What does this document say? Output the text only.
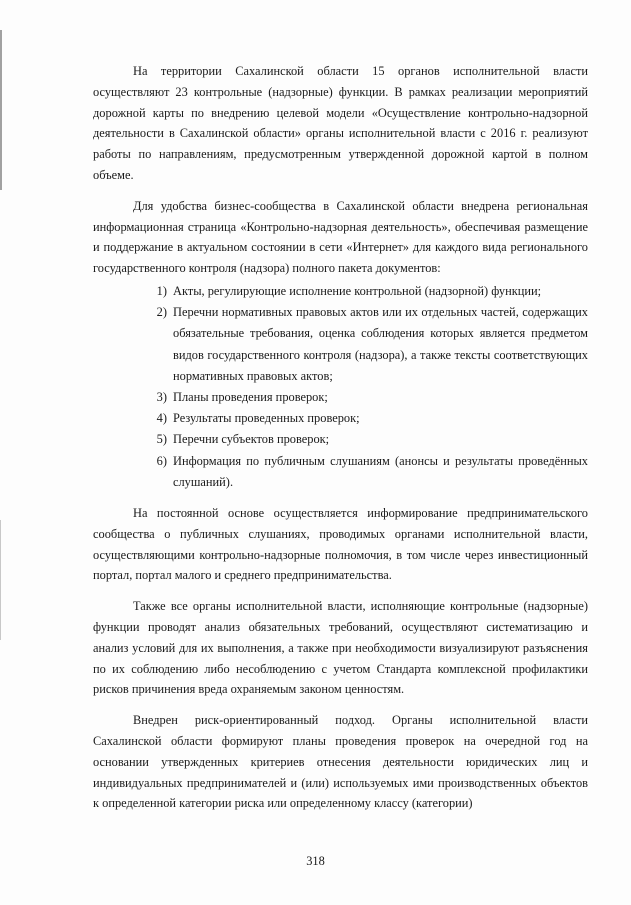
На территории Сахалинской области 15 органов исполнительной власти осуществляют 23 контрольные (надзорные) функции. В рамках реализации мероприятий дорожной карты по внедрению целевой модели «Осуществление контрольно-надзорной деятельности в Сахалинской области» органы исполнительной власти с 2016 г. реализуют работы по направлениям, предусмотренным утвержденной дорожной картой в полном объеме.

Для удобства бизнес-сообщества в Сахалинской области внедрена региональная информационная страница «Контрольно-надзорная деятельность», обеспечивая размещение и поддержание в актуальном состоянии в сети «Интернет» для каждого вида регионального государственного контроля (надзора) полного пакета документов:

1) Акты, регулирующие исполнение контрольной (надзорной) функции;
2) Перечни нормативных правовых актов или их отдельных частей, содержащих обязательные требования, оценка соблюдения которых является предметом видов государственного контроля (надзора), а также тексты соответствующих нормативных правовых актов;
3) Планы проведения проверок;
4) Результаты проведенных проверок;
5) Перечни субъектов проверок;
6) Информация по публичным слушаниям (анонсы и результаты проведённых слушаний).

На постоянной основе осуществляется информирование предпринимательского сообщества о публичных слушаниях, проводимых органами исполнительной власти, осуществляющими контрольно-надзорные полномочия, в том числе через инвестиционный портал, портал малого и среднего предпринимательства.

Также все органы исполнительной власти, исполняющие контрольные (надзорные) функции проводят анализ обязательных требований, осуществляют систематизацию и анализ условий для их выполнения, а также при необходимости визуализируют разъяснения по их соблюдению либо несоблюдению с учетом Стандарта комплексной профилактики рисков причинения вреда охраняемым законом ценностям.

Внедрен риск-ориентированный подход. Органы исполнительной власти Сахалинской области формируют планы проведения проверок на очередной год на основании утвержденных критериев отнесения деятельности юридических лиц и индивидуальных предпринимателей и (или) используемых ими производственных объектов к определенной категории риска или определенному классу (категории)

318
